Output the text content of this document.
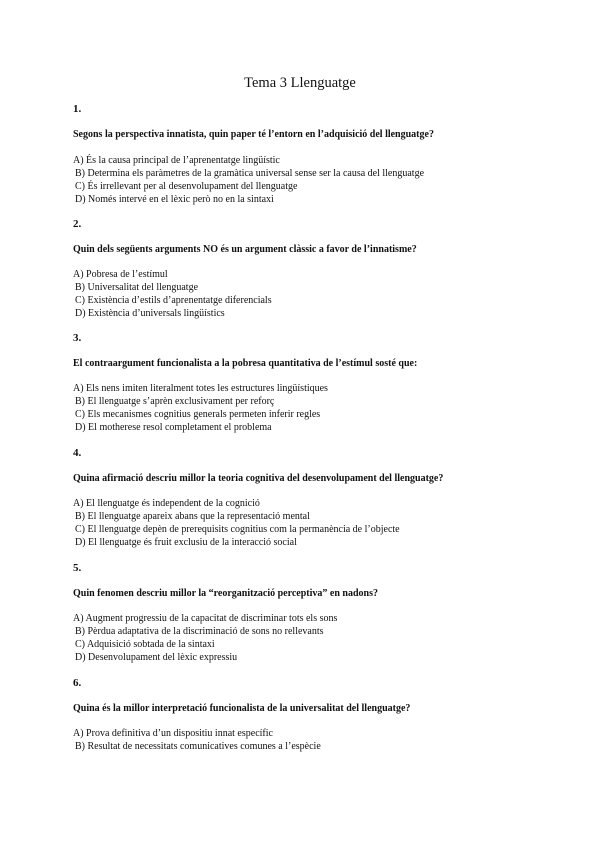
Tema 3 Llenguatge
1.
Segons la perspectiva innatista, quin paper té l’entorn en l’adquisició del llenguatge?
A) És la causa principal de l’aprenentatge lingüístic
B) Determina els paràmetres de la gramàtica universal sense ser la causa del llenguatge
C) És irrellevant per al desenvolupament del llenguatge
D) Només intervé en el lèxic però no en la sintaxi
2.
Quin dels següents arguments NO és un argument clàssic a favor de l’innatisme?
A) Pobresa de l’estímul
B) Universalitat del llenguatge
C) Existència d’estils d’aprenentatge diferencials
D) Existència d’universals lingüístics
3.
El contraargument funcionalista a la pobresa quantitativa de l’estímul sosté que:
A) Els nens imiten literalment totes les estructures lingüístiques
B) El llenguatge s’aprèn exclusivament per reforç
C) Els mecanismes cognitius generals permeten inferir regles
D) El motherese resol completament el problema
4.
Quina afirmació descriu millor la teoria cognitiva del desenvolupament del llenguatge?
A) El llenguatge és independent de la cognició
B) El llenguatge apareix abans que la representació mental
C) El llenguatge depèn de prerequisits cognitius com la permanència de l’objecte
D) El llenguatge és fruit exclusiu de la interacció social
5.
Quin fenomen descriu millor la “reorganització perceptiva” en nadons?
A) Augment progressiu de la capacitat de discriminar tots els sons
B) Pèrdua adaptativa de la discriminació de sons no rellevants
C) Adquisició sobtada de la sintaxi
D) Desenvolupament del lèxic expressiu
6.
Quina és la millor interpretació funcionalista de la universalitat del llenguatge?
A) Prova definitiva d’un dispositiu innat específic
B) Resultat de necessitats comunicatives comunes a l’espècie
